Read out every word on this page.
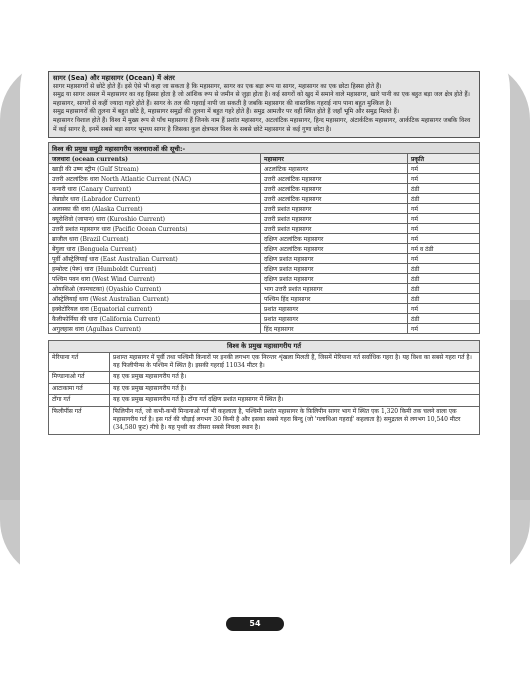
सागर (Sea) और महासागर (Ocean) में अंतर

सागर महासागरों से छोटे होते हैं। इसे ऐसे भी कहा जा सकता है कि महासागर, सागर का एक बड़ा रूप या सागर, महासागर का एक छोटा हिस्सा होते हैं।

समुद्र या सागर असल में महासागर का वह हिस्सा होता है जो आंशिक रूप से जमीन से जुड़ा होता है। कई सागरों को खुद में समाने वाले महासागर, खारे पानी का एक बहुत बड़ा जल क्षेत्र होते हैं।

महासागर, सागरों से कहीं ज्यादा गहरे होते हैं। सागर के तल की गहराई नापी जा सकती है जबकि महासागर की वास्तविक गहराई नाप पाना बहुत मुश्किल है।

समुद्र महासागरों की तुलना में बहुत छोटे है, महासागर समुद्रों की तुलना में बहुत गहरे होते हैं। समुद्र आमतौर पर वहीं स्थित होते हैं जहाँ भूमि और समुद्र मिलते हैं।

महासागर विशाल होते हैं। विश्व में मुख्य रूप से पाँच महासागर हैं जिनके नाम हैं प्रशांत महासागर, अटलांटिक महासागर, हिन्द महासागर, अंटार्कटिक महासागर, आर्कटिक महासागर जबकि विश्व में कई सागर है, इनमें सबसे बड़ा सागर भूमध्य सागर है जिसका कुल क्षेत्रफल विश्व के सबसे छोटे महासागर से कई गुणा छोटा है।

विश्व की प्रमुख समुद्री महासागरीय जलधाराओं की सूची:-		
जलधारा (ocean currents)	महासागर	प्रकृति
खाड़ी की उष्ण स्ट्रीम (Gulf Stream)	अटलांटिक महासागर	गर्म
उत्तरी अटलांटिक धारा North Atlantic Current (NAC)	उत्तरी अटलांटिक महासागर	गर्म
कनारी धारा (Canary Current)	उत्तरी अटलांटिक महासागर	ठंडी
लेब्राडोर धारा (Labrador Current)	उत्तरी अटलांटिक महासागर	ठंडी
अलास्का की धारा (Alaska Current)	उत्तरी प्रशांत महासागर	गर्म
क्यूरोशिवो (जापान) धारा (Kuroshio Current)	उत्तरी प्रशांत महासागर	गर्म
उत्तरी प्रशांत महासागर धारा (Pacific Ocean Currents)	उत्तरी प्रशांत महासागर	गर्म
ब्राजील धारा (Brazil Current)	दक्षिण अटलांटिक महासागर	गर्म
बेंगुला धारा (Benguela Current)	दक्षिण अटलांटिक महासागर	गर्म व ठंडी
पूर्वी ऑस्ट्रेलियाई धारा (East Australian Current)	दक्षिण प्रशांत महासागर	गर्म
हम्बोल्ट (पेरू) धारा (Humboldt Current)	दक्षिण प्रशांत महासागर	ठंडी
पश्चिम पवन धारा (West Wind Current)	दक्षिण प्रशांत महासागर	ठंडी
ओयाशिओ (कामचटका) (Oyashio Current)	भाग उत्तरी प्रशांत महासागर	ठंडी
ऑस्ट्रेलियाई धारा (West Australian Current)	पश्चिम हिंद महासागर	ठंडी
इक्वेटोरियल धारा (Equatorial current)	प्रशांत महासागर	गर्म
कैलीफोर्निया की धारा (California Current)	प्रशांत महासागर	ठंडी
अगुलहास धारा (Agulhas Current)	हिंद महासागर	गर्म
विश्व के प्रमुख महासागरीय गर्त	
मेरियाना गर्त	प्रशान्त महासागर में पूर्वी तथा पश्चिमी किनारों पर इनकी लगभग एक निरन्तर शृंखला मिलती हैं, जिसमें मेरियाना गर्त सर्वाधिक गहरा है। यह विश्व का सबसे गहरा गर्त है। यह फिलीपीन्स के पश्चिम में स्थित है। इसकी गहराई 11034 मीटर है।
मिण्डानाओ गर्त	यह एक प्रमुख महासागरीय गर्त है।
आटाकामा गर्त	यह एक प्रमुख महासागरीय गर्त है।
टोंगा गर्त	यह एक प्रमुख महासागरीय गर्त है। टोंगा गर्त दक्षिण प्रशांत महासागर में स्थित है।
फिलीपींस गर्त	फिलिपीन गर्त, जो कभी-कभी मिन्डनाओ गर्त भी कहलाता है, पश्चिमी प्रशांत महासागर के फ़िलिपीन सागर भाग में स्थित एक 1,320 किमी तक चलने वाला एक महासागरीय गर्त है। इस गर्त की चौड़ाई लगभग 30 किमी है और इसका सबसे गहरा बिन्दु (जो 'गलाथिआ गहराई' कहलाता है) समुद्रतल से लगभग 10,540 मीटर (34,580 फ़ुट) नीचे है। यह पृथ्वी का तीसरा सबसे निचला स्थान है।
54
